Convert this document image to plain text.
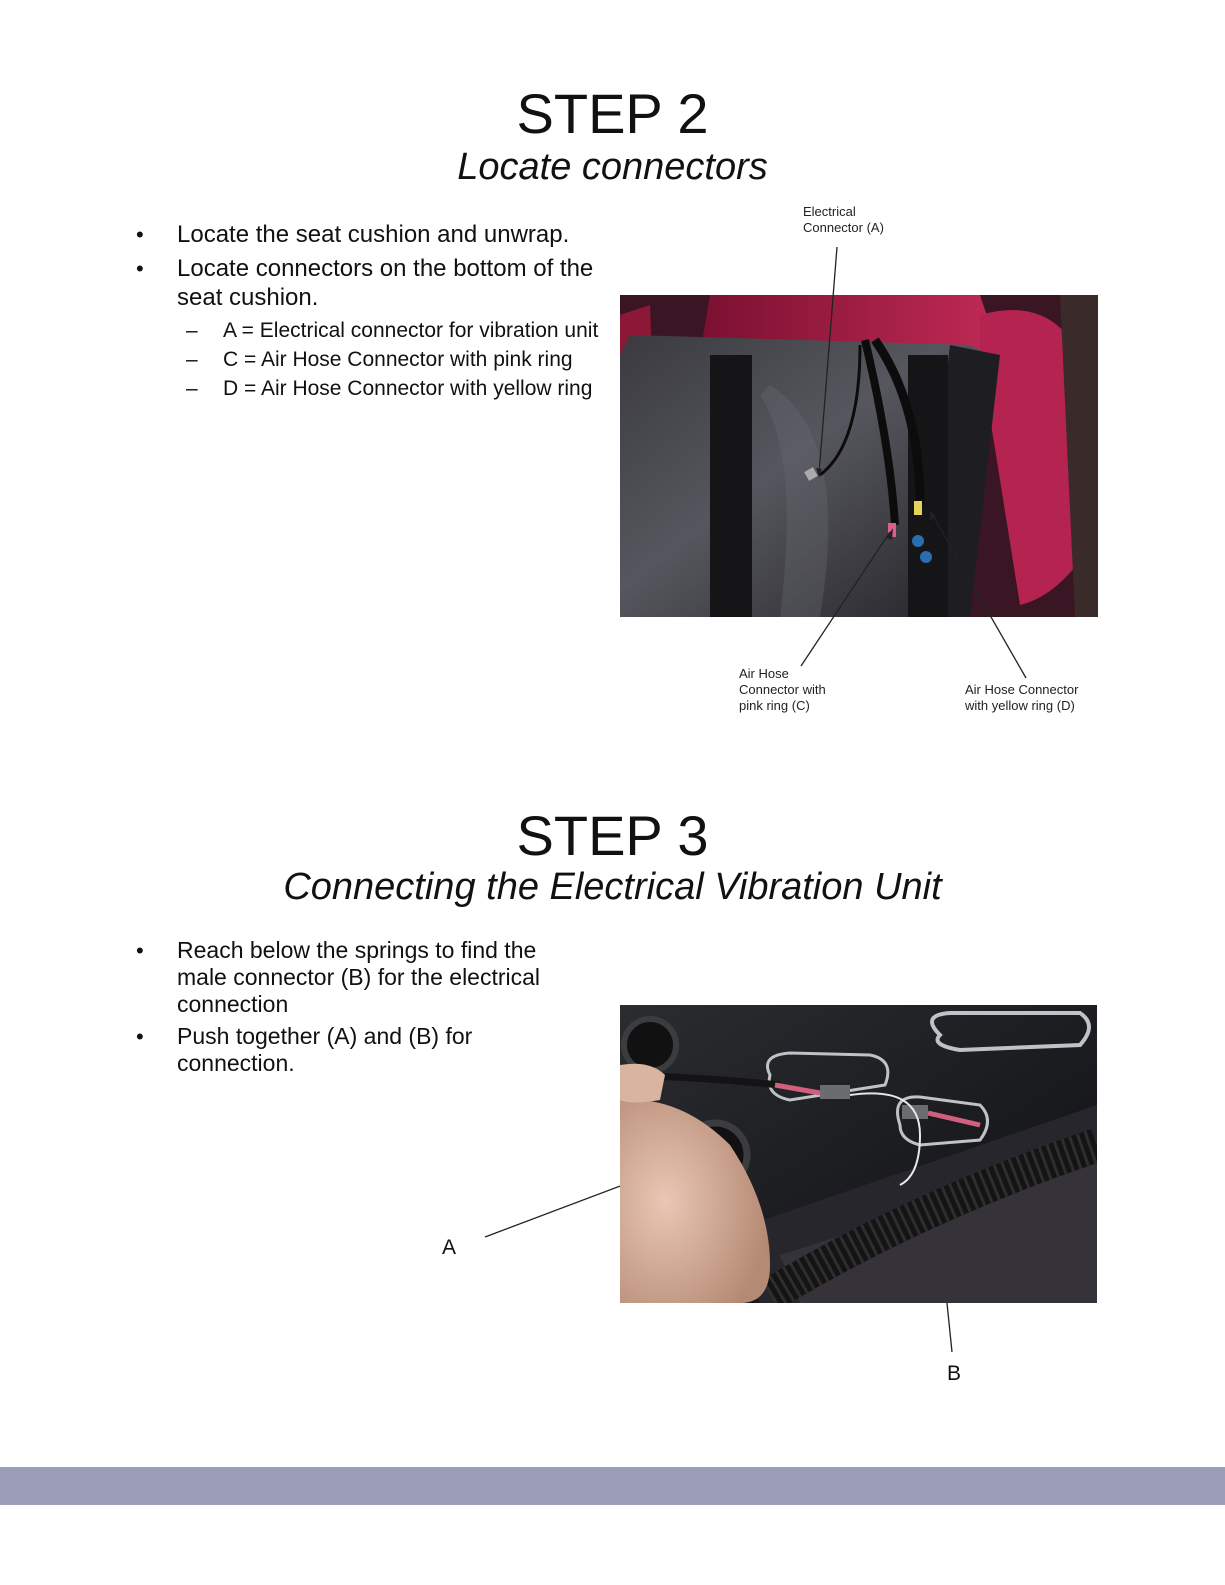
STEP 2
Locate connectors
• Locate the seat cushion and unwrap.
• Locate connectors on the bottom of the seat cushion.
– A = Electrical connector for vibration unit
– C = Air Hose Connector with pink ring
– D = Air Hose Connector with yellow ring
Electrical
Connector (A)
Air Hose
Connector with
pink ring (C)
Air Hose Connector
with yellow ring (D)
STEP 3
Connecting the Electrical Vibration Unit
• Reach below the springs to find the male connector (B) for the electrical connection
• Push together (A) and (B) for connection.
A
B
